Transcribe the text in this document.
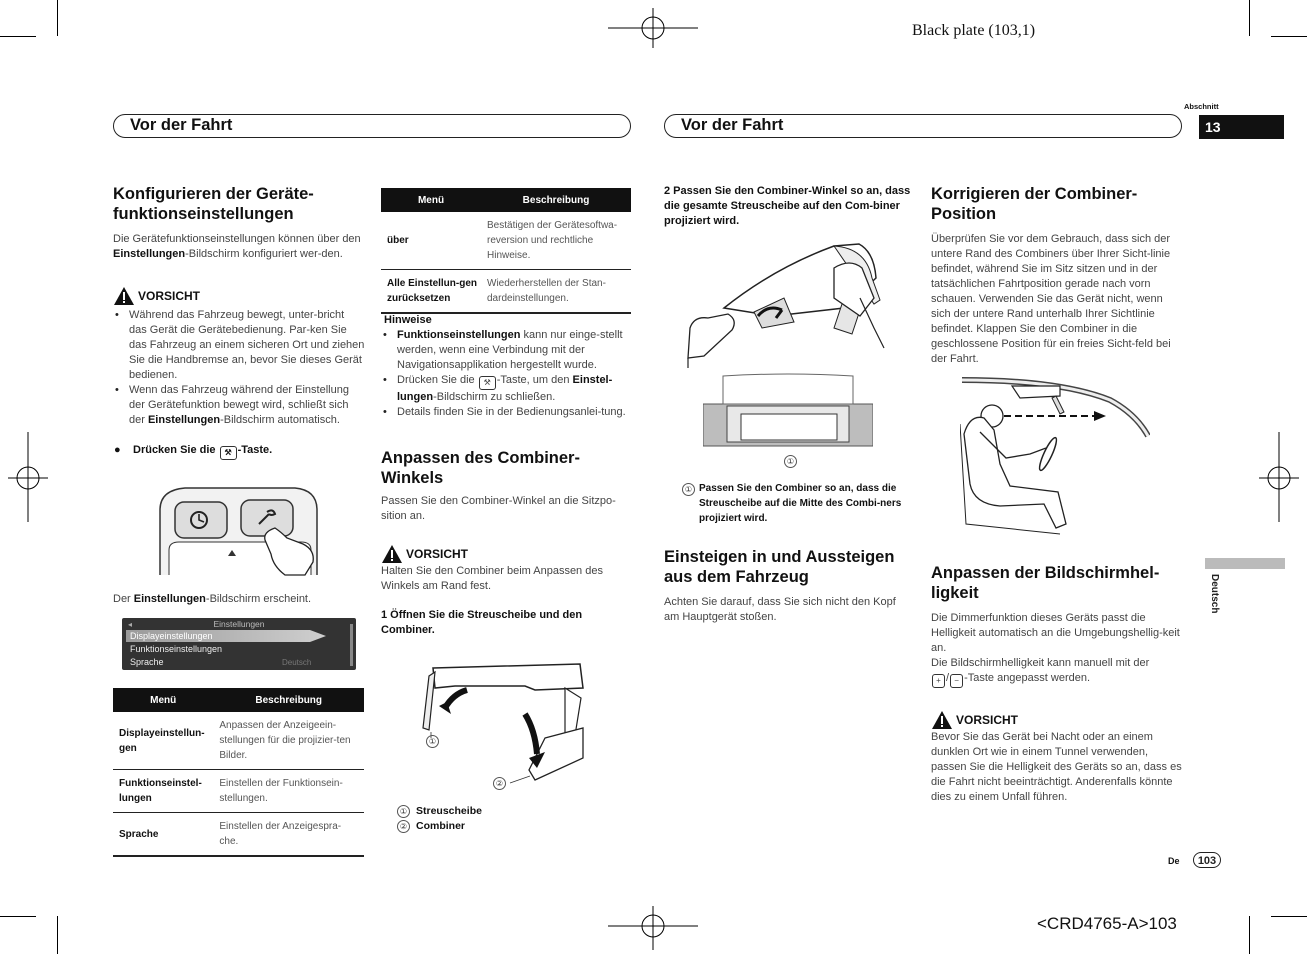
Black plate (103,1)
Vor der Fahrt	Vor der Fahrt
Abschnitt
13
Deutsch
Konfigurieren der Geräte-
funktionseinstellungen

Die Gerätefunktionseinstellungen können über den Einstellungen-Bildschirm konfiguriert wer-den.

VORSICHT
• Während das Fahrzeug bewegt, unter-bricht das Gerät die Gerätebedienung. Par-ken Sie das Fahrzeug an einem sicheren Ort und ziehen Sie die Handbremse an, bevor Sie dieses Gerät bedienen.
• Wenn das Fahrzeug während der Einstellung der Gerätefunktion bewegt wird, schließt sich der Einstellungen-Bildschirm automatisch.
● Drücken Sie die ⚒ -Taste.
Der Einstellungen-Bildschirm erscheint.
◂	Einstellungen
Displayeinstellungen
Funktionseinstellungen
Sprache	Deutsch
Menü	Beschreibung
Displayeinstellun-gen	Anpassen der Anzeigeein-stellungen für die projizier-ten Bilder.
Funktionseinstel-lungen	Einstellen der Funktionsein-stellungen.
Sprache	Einstellen der Anzeigespra-che.
Menü	Beschreibung
über	Bestätigen der Gerätesoftwa-reversion und rechtliche Hinweise.
Alle Einstellun-gen zurücksetzen	Wiederherstellen der Stan-dardeinstellungen.
Hinweise
• Funktionseinstellungen kann nur einge-stellt werden, wenn eine Verbindung mit der Navigationsapplikation hergestellt wurde.
• Drücken Sie die ⚒ -Taste, um den Einstel-lungen-Bildschirm zu schließen.
• Details finden Sie in der Bedienungsanlei-tung.
Anpassen des Combiner-
Winkels

Passen Sie den Combiner-Winkel an die Sitzpo-sition an.

VORSICHT

Halten Sie den Combiner beim Anpassen des Winkels am Rand fest.

1 Öffnen Sie die Streuscheibe und den Combiner.

①
②
① Streuscheibe
② Combiner

2 Passen Sie den Combiner-Winkel so an, dass die gesamte Streuscheibe auf den Com-biner projiziert wird.

①
① Passen Sie den Combiner so an, dass die Streuscheibe auf die Mitte des Combi-ners projiziert wird.
Einsteigen in und Aussteigen
aus dem Fahrzeug

Achten Sie darauf, dass Sie sich nicht den Kopf am Hauptgerät stoßen.

Korrigieren der Combiner-
Position

Überprüfen Sie vor dem Gebrauch, dass sich der untere Rand des Combiners über Ihrer Sicht-linie befindet, während Sie im Sitz sitzen und in der tatsächlichen Fahrtposition gerade nach vorn schauen. Verwenden Sie das Gerät nicht, wenn sich der untere Rand unterhalb Ihrer Sichtlinie befindet. Klappen Sie den Combiner in die geschlossene Position für ein freies Sicht-feld bei der Fahrt.

Anpassen der Bildschirmhel-
ligkeit

Die Dimmerfunktion dieses Geräts passt die Helligkeit automatisch an die Umgebungshellig-keit an.

Die Bildschirmhelligkeit kann manuell mit der
+ / − -Taste angepasst werden.

VORSICHT

Bevor Sie das Gerät bei Nacht oder an einem dunklen Ort wie in einem Tunnel verwenden, passen Sie die Helligkeit des Geräts so an, dass es die Fahrt nicht beeinträchtigt. Anderenfalls könnte dies zu einem Unfall führen.

De	103
<CRD4765-A>103
